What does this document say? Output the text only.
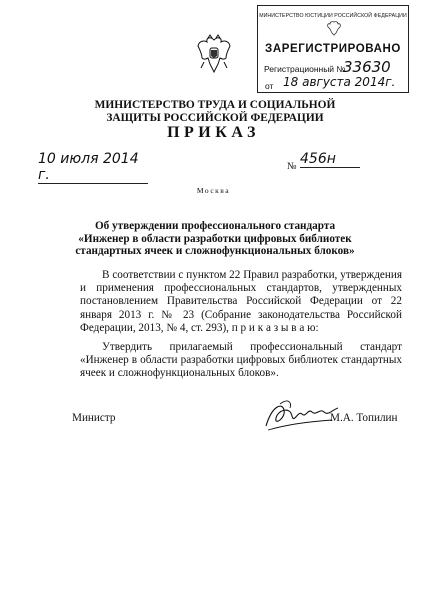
МИНИСТЕРСТВО ЮСТИЦИИ РОССИЙСКОЙ ФЕДЕРАЦИИ
ЗАРЕГИСТРИРОВАНО
Регистрационный №
33630
от 18 августа 2014г.
МИНИСТЕРСТВО ТРУДА И СОЦИАЛЬНОЙ ЗАЩИТЫ РОССИЙСКОЙ ФЕДЕРАЦИИ
ПРИКАЗ
10 июля 2014 г.
№ 456н
Москва
Об утверждении профессионального стандарта
«Инженер в области разработки цифровых библиотек стандартных ячеек и сложнофункциональных блоков»

В соответствии с пунктом 22 Правил разработки, утверждения и применения профессиональных стандартов, утвержденных постановлением Правительства Российской Федерации от 22 января 2013 г. № 23 (Собрание законодательства Российской Федерации, 2013, № 4, ст. 293), п р и к а з ы в а ю:

Утвердить прилагаемый профессиональный стандарт «Инженер в области разработки цифровых библиотек стандартных ячеек и сложнофункциональных блоков».

Министр	М.А. Топилин
